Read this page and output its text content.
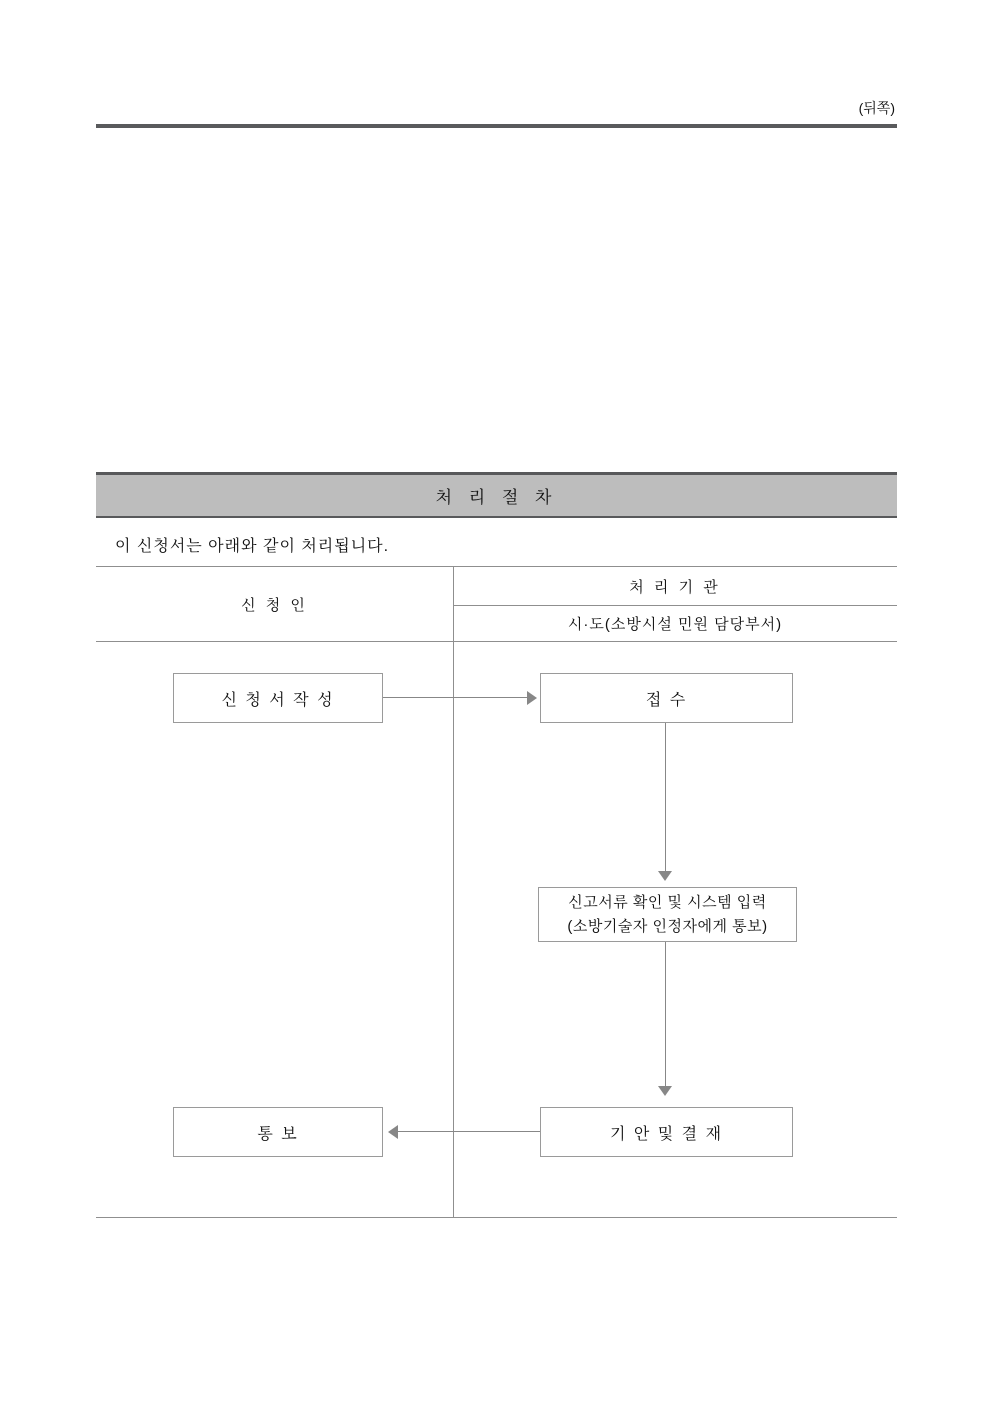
(뒤쪽)
처 리 절 차
이 신청서는 아래와 같이 처리됩니다.
신 청 인
처 리 기 관
시·도(소방시설 민원 담당부서)
신 청 서 작 성	접 수
신고서류 확인 및 시스템 입력
(소방기술자 인정자에게 통보)
기 안 및 결 재
통 보
